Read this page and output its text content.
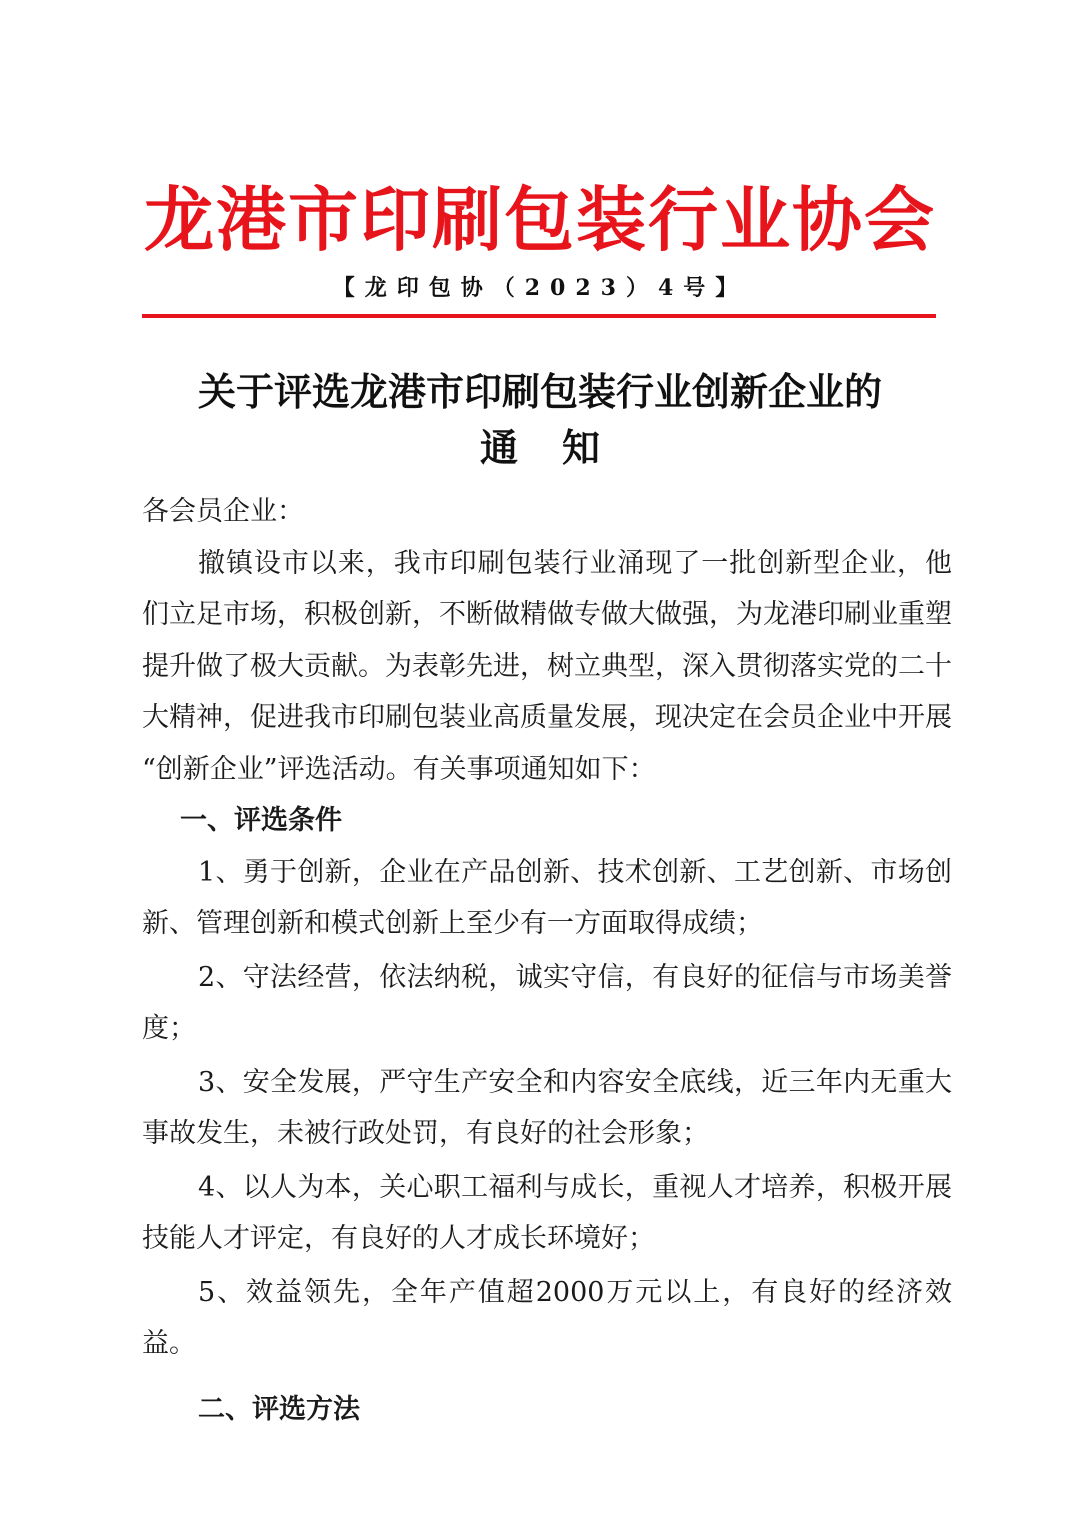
龙港市印刷包装行业协会
【龙印包协（2023）4号】
关于评选龙港市印刷包装行业创新企业的
通知

各会员企业：

撤镇设市以来，我市印刷包装行业涌现了一批创新型企业，他们立足市场，积极创新，不断做精做专做大做强，为龙港印刷业重塑提升做了极大贡献。为表彰先进，树立典型，深入贯彻落实党的二十大精神，促进我市印刷包装业高质量发展，现决定在会员企业中开展 “创新企业”评选活动。有关事项通知如下：

一、评选条件

1、勇于创新，企业在产品创新、技术创新、工艺创新、市场创新、管理创新和模式创新上至少有一方面取得成绩；

2、守法经营，依法纳税，诚实守信，有良好的征信与市场美誉度；

3、安全发展，严守生产安全和内容安全底线，近三年内无重大事故发生，未被行政处罚，有良好的社会形象；

4、以人为本，关心职工福利与成长，重视人才培养，积极开展技能人才评定，有良好的人才成长环境好；

5、效益领先，全年产值超2000万元以上，有良好的经济效益。

二、评选方法
